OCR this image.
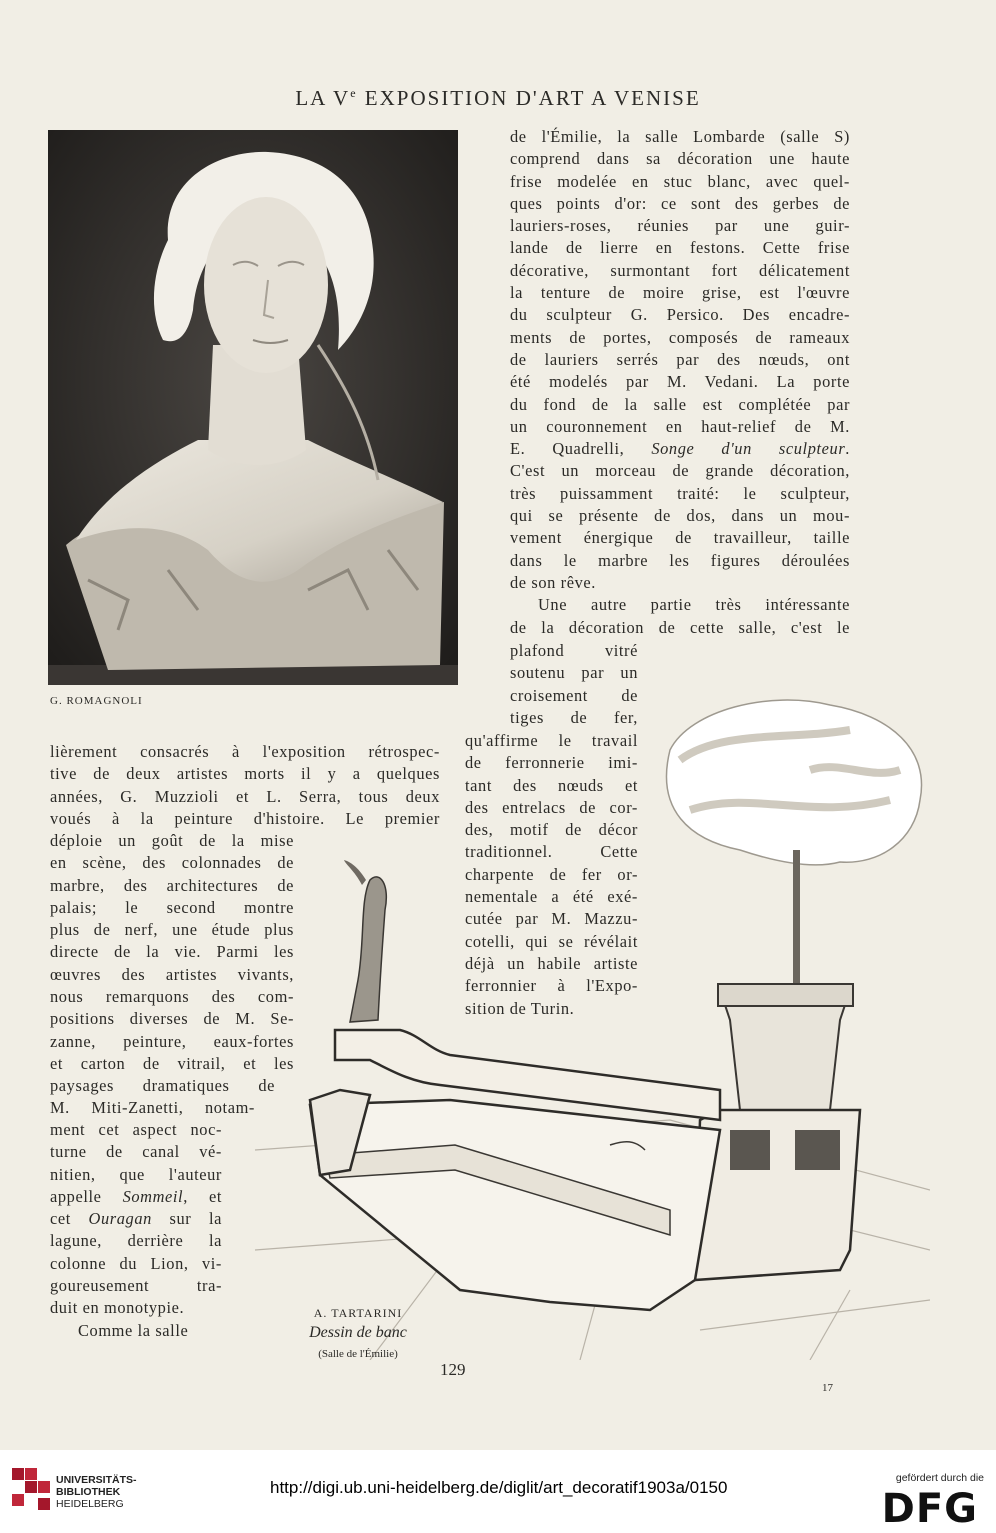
LA Ve EXPOSITION D'ART A VENISE
G. ROMAGNOLI

de l'Émilie, la salle Lombarde (salle S)

comprend dans sa décoration une haute

frise modelée en stuc blanc, avec quel-

ques points d'or: ce sont des gerbes de

lauriers-roses, réunies par une guir-

lande de lierre en festons. Cette frise

décorative, surmontant fort délicatement

la tenture de moire grise, est l'œuvre

du sculpteur G. Persico. Des encadre-

ments de portes, composés de rameaux

de lauriers serrés par des nœuds, ont

été modelés par M. Vedani. La porte

du fond de la salle est complétée par

un couronnement en haut-relief de M.

E. Quadrelli, Songe d'un sculpteur.

C'est un morceau de grande décoration,

très puissamment traité: le sculpteur,

qui se présente de dos, dans un mou-

vement énergique de travailleur, taille

dans le marbre les figures déroulées

de son rêve.

Une autre partie très intéressante

de la décoration de cette salle, c'est le

plafond vitré

soutenu par un

croisement de

tiges de fer,

qu'affirme le travail

de ferronnerie imi-

tant des nœuds et

des entrelacs de cor-

des, motif de décor

traditionnel. Cette

charpente de fer or-

nementale a été exé-

cutée par M. Mazzu-

cotelli, qui se révélait

déjà un habile artiste

ferronnier à l'Expo-

sition de Turin.

lièrement consacrés à l'exposition rétrospec-

tive de deux artistes morts il y a quelques

années, G. Muzzioli et L. Serra, tous deux

voués à la peinture d'histoire. Le premier

déploie un goût de la mise

en scène, des colonnades de

marbre, des architectures de

palais; le second montre

plus de nerf, une étude plus

directe de la vie. Parmi les

œuvres des artistes vivants,

nous remarquons des com-

positions diverses de M. Se-

zanne, peinture, eaux-fortes

et carton de vitrail, et les

paysages dramatiques de

M. Miti-Zanetti, notam-

ment cet aspect noc-

turne de canal vé-

nitien, que l'auteur

appelle Sommeil, et

cet Ouragan sur la

lagune, derrière la

colonne du Lion, vi-

goureusement tra-

duit en monotypie.

Comme la salle

A. TARTARINI
Dessin de banc
(Salle de l'Émilie)
129
17
UNIVERSITÄTS-
BIBLIOTHEK
HEIDELBERG
http://digi.ub.uni-heidelberg.de/diglit/art_decoratif1903a/0150	gefördert durch die
DFG
